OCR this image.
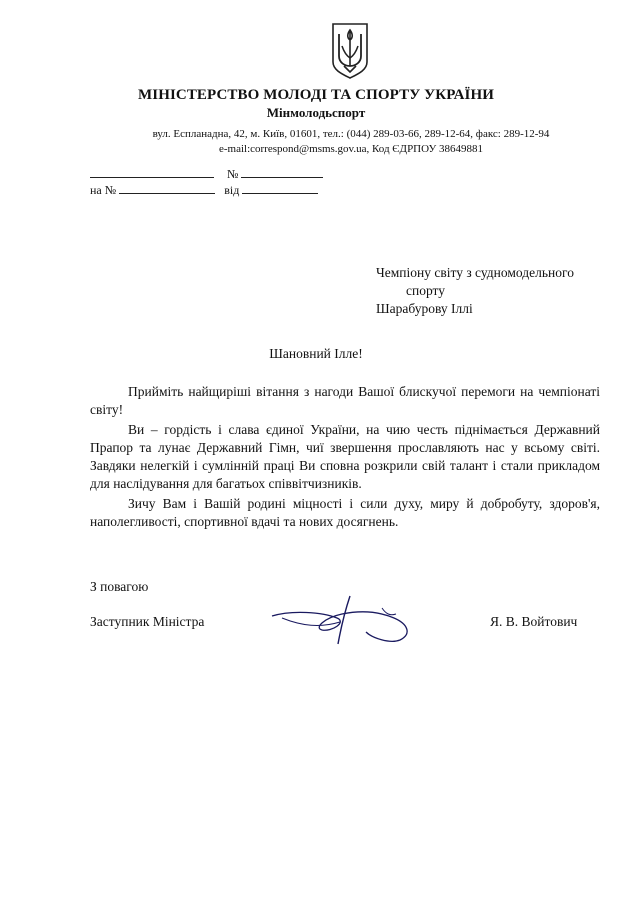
МІНІСТЕРСТВО МОЛОДІ ТА СПОРТУ УКРАЇНИ
Мінмолодьспорт
вул. Еспланадна, 42, м. Київ, 01601, тел.: (044) 289-03-66, 289-12-64, факс: 289-12-94
e-mail:correspond@msms.gov.ua, Код ЄДРПОУ 38649881
№
на №	від
Чемпіону світу з судномодельного
спорту
Шарабурову Іллі
Шановний Ілле!

Прийміть найщиріші вітання з нагоди Вашої блискучої перемоги на чемпіонаті світу!

Ви – гордість і слава єдиної України, на чию честь піднімається Державний Прапор та лунає Державний Гімн, чиї звершення прославляють нас у всьому світі. Завдяки нелегкій і сумлінній праці Ви сповна розкрили свій талант і стали прикладом для наслідування для багатьох співвітчизників.

Зичу Вам і Вашій родині міцності і сили духу, миру й добробуту, здоров'я, наполегливості, спортивної вдачі та нових досягнень.

З повагою
Заступник Міністра	Я. В. Войтович
